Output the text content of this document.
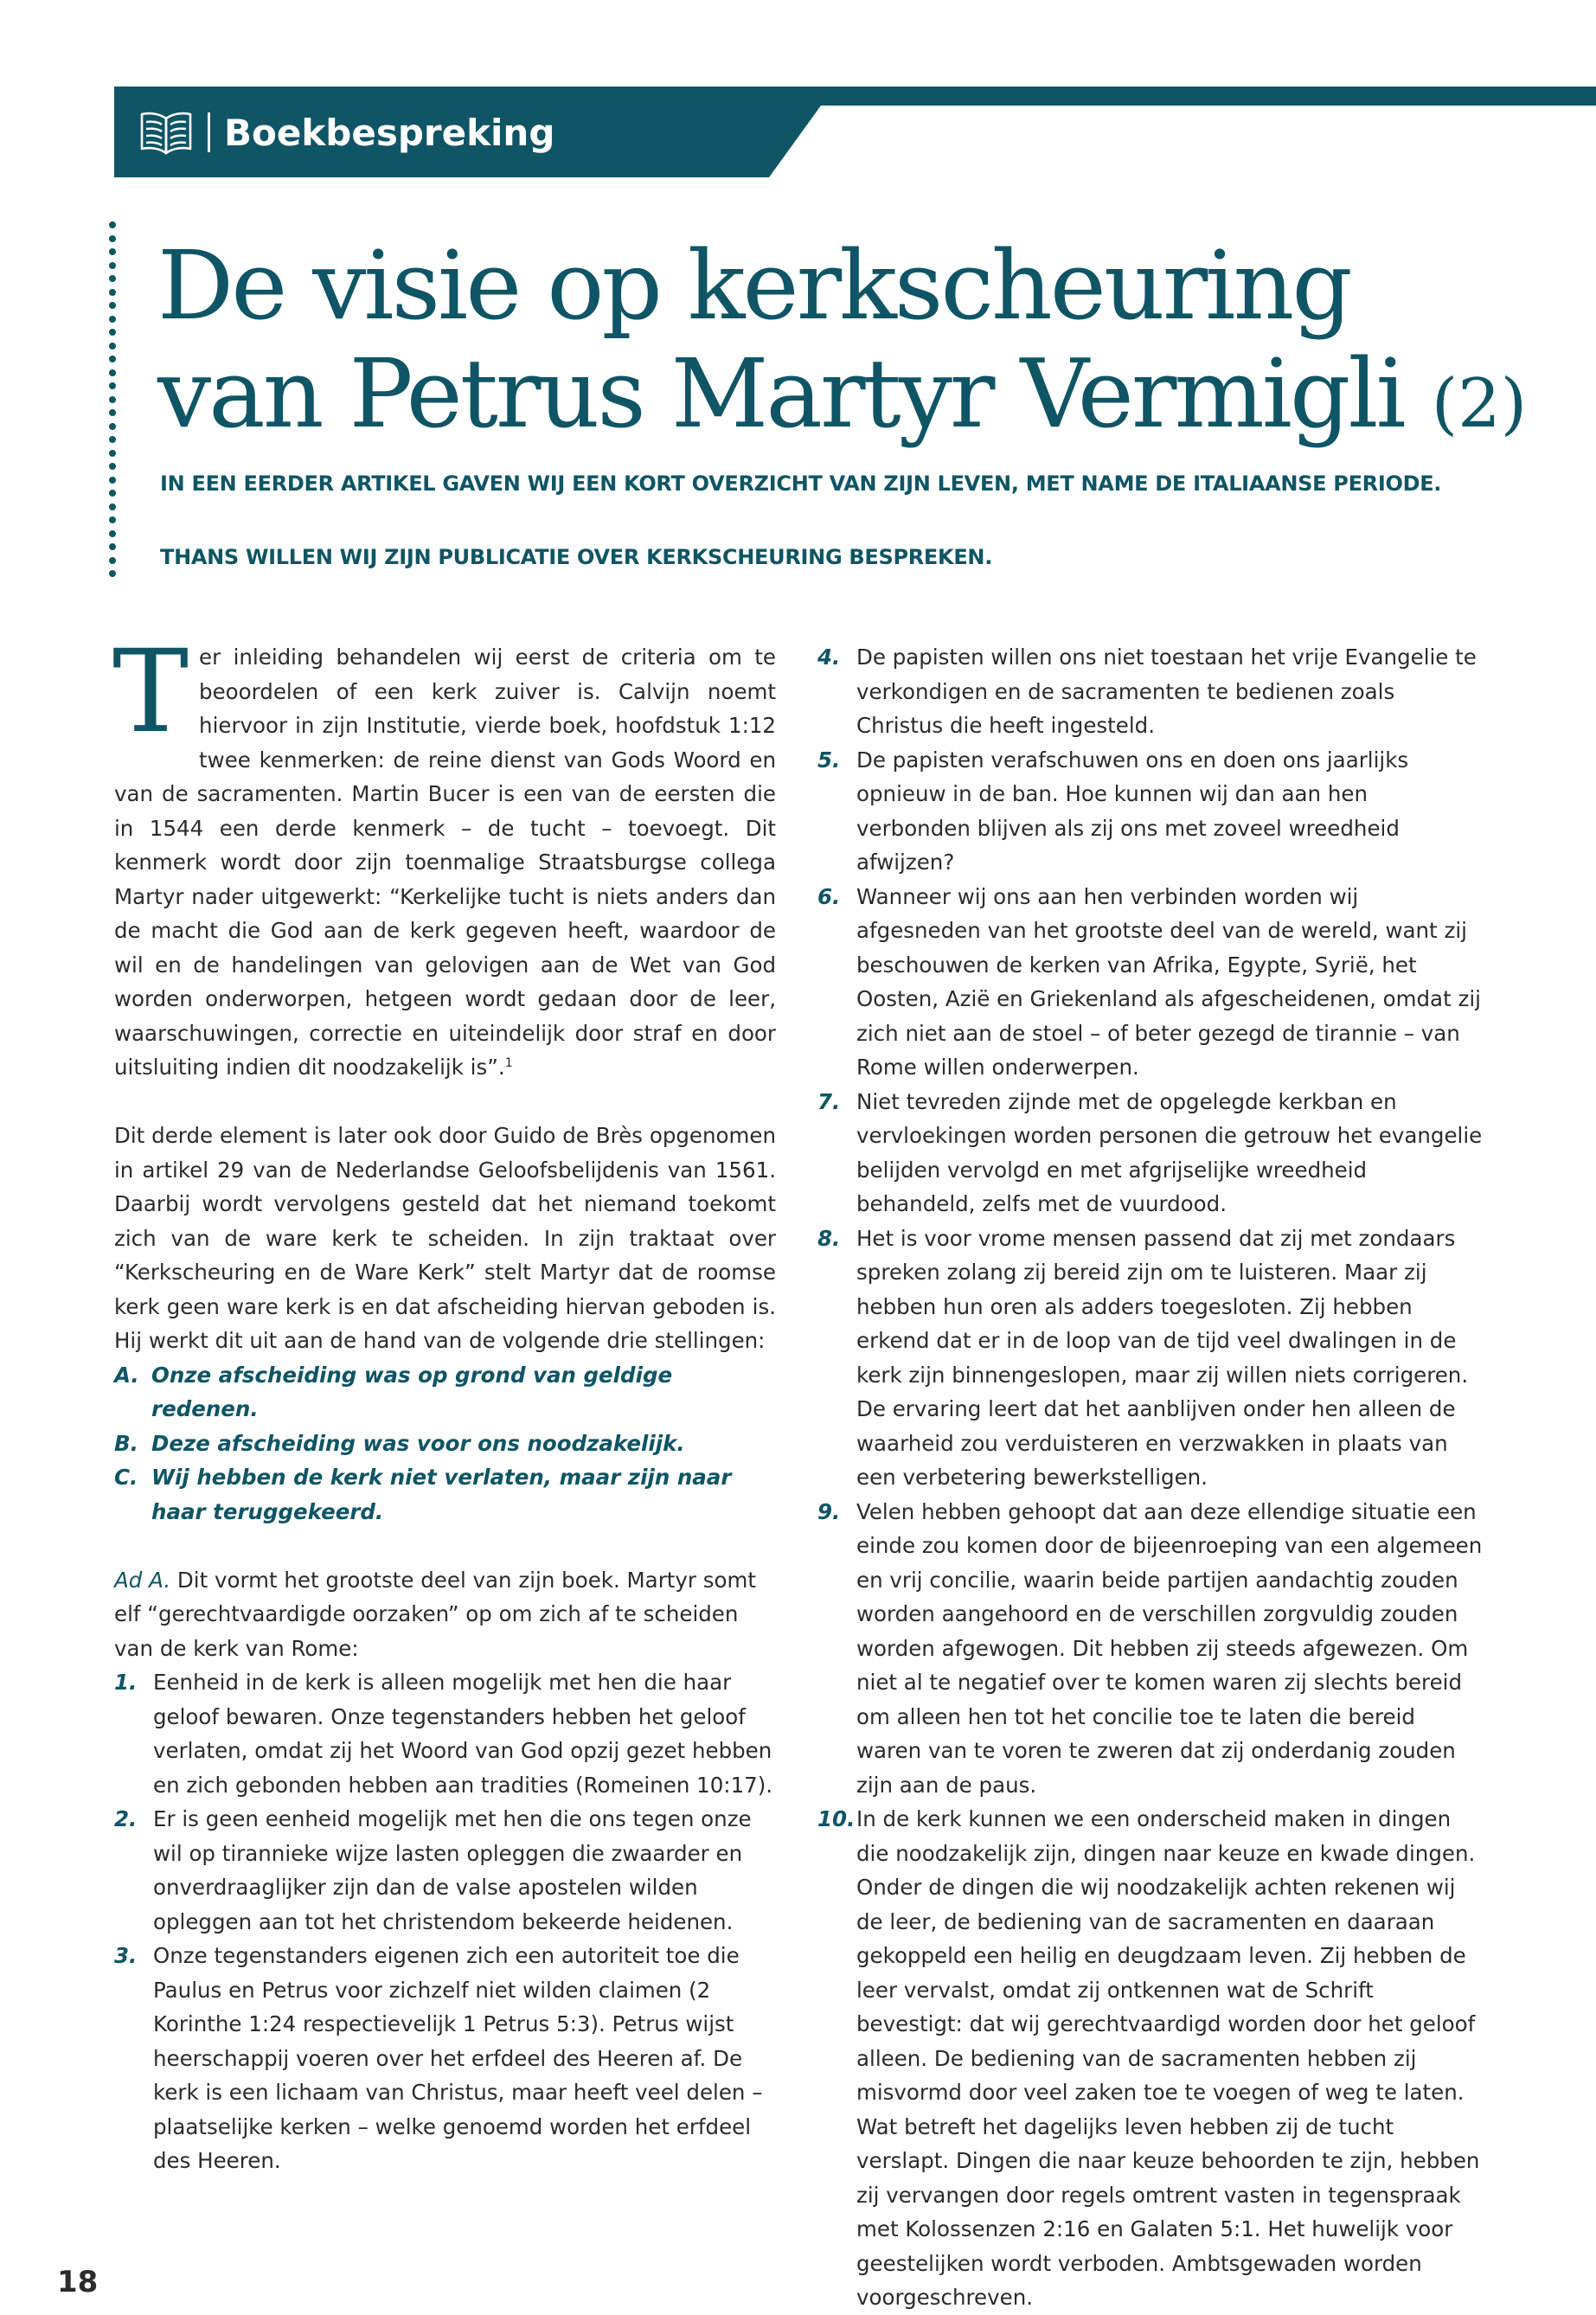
Boekbespreking
De visie op kerkscheuring
van Petrus Martyr Vermigli (2)
IN EEN EERDER ARTIKEL GAVEN WIJ EEN KORT OVERZICHT VAN ZIJN LEVEN, MET NAME DE ITALIAANSE PERIODE.
THANS WILLEN WIJ ZIJN PUBLICATIE OVER KERKSCHEURING BESPREKEN.

Ter inleiding behandelen wij eerst de criteria om te beoordelen of een kerk zuiver is. Calvijn noemt hiervoor in zijn Institutie, vierde boek, hoofdstuk 1:12 twee kenmerken: de reine dienst van Gods Woord en van de sacramenten. Martin Bucer is een van de eersten die in 1544 een derde kenmerk – de tucht – toevoegt. Dit kenmerk wordt door zijn toenmalige Straatsburgse collega Martyr nader uitgewerkt: “Kerkelijke tucht is niets anders dan de macht die God aan de kerk gegeven heeft, waardoor de wil en de handelingen van gelovigen aan de Wet van God worden onderworpen, hetgeen wordt gedaan door de leer, waarschuwingen, correctie en uiteindelijk door straf en door uitsluiting indien dit noodzakelijk is”.$^1$

Dit derde element is later ook door Guido de Brès opgenomen in artikel 29 van de Nederlandse Geloofsbelijdenis van 1561. Daarbij wordt vervolgens gesteld dat het niemand toekomt zich van de ware kerk te scheiden. In zijn traktaat over “Kerkscheuring en de Ware Kerk” stelt Martyr dat de roomse kerk geen ware kerk is en dat afscheiding hiervan geboden is. Hij werkt dit uit aan de hand van de volgende drie stellingen:

A. Onze afscheiding was op grond van geldige redenen.
B. Deze afscheiding was voor ons noodzakelijk.
C. Wij hebben de kerk niet verlaten, maar zijn naar haar teruggekeerd.

Ad A. Dit vormt het grootste deel van zijn boek. Martyr somt elf “gerechtvaardigde oorzaken” op om zich af te scheiden van de kerk van Rome:

1. Eenheid in de kerk is alleen mogelijk met hen die haar geloof bewaren. Onze tegenstanders hebben het geloof verlaten, omdat zij het Woord van God opzij gezet hebben en zich gebonden hebben aan tradities (Romeinen 10:17).
2. Er is geen eenheid mogelijk met hen die ons tegen onze wil op tirannieke wijze lasten opleggen die zwaarder en onverdraaglijker zijn dan de valse apostelen wilden opleggen aan tot het christendom bekeerde heidenen.
3. Onze tegenstanders eigenen zich een autoriteit toe die Paulus en Petrus voor zichzelf niet wilden claimen (2 Korinthe 1:24 respectievelijk 1 Petrus 5:3). Petrus wijst heerschappij voeren over het erfdeel des Heeren af. De kerk is een lichaam van Christus, maar heeft veel delen – plaatselijke kerken – welke genoemd worden het erfdeel des Heeren.
4. De papisten willen ons niet toestaan het vrije Evangelie te verkondigen en de sacramenten te bedienen zoals Christus die heeft ingesteld.
5. De papisten verafschuwen ons en doen ons jaarlijks opnieuw in de ban. Hoe kunnen wij dan aan hen verbonden blijven als zij ons met zoveel wreedheid afwijzen?
6. Wanneer wij ons aan hen verbinden worden wij afgesneden van het grootste deel van de wereld, want zij beschouwen de kerken van Afrika, Egypte, Syrië, het Oosten, Azië en Griekenland als afgescheidenen, omdat zij zich niet aan de stoel – of beter gezegd de tirannie – van Rome willen onderwerpen.
7. Niet tevreden zijnde met de opgelegde kerkban en vervloekingen worden personen die getrouw het evangelie belijden vervolgd en met afgrijselijke wreedheid behandeld, zelfs met de vuurdood.
8. Het is voor vrome mensen passend dat zij met zondaars spreken zolang zij bereid zijn om te luisteren. Maar zij hebben hun oren als adders toegesloten. Zij hebben erkend dat er in de loop van de tijd veel dwalingen in de kerk zijn binnengeslopen, maar zij willen niets corrigeren. De ervaring leert dat het aanblijven onder hen alleen de waarheid zou verduisteren en verzwakken in plaats van een verbetering bewerkstelligen.
9. Velen hebben gehoopt dat aan deze ellendige situatie een einde zou komen door de bijeenroeping van een algemeen en vrij concilie, waarin beide partijen aandachtig zouden worden aangehoord en de verschillen zorgvuldig zouden worden afgewogen. Dit hebben zij steeds afgewezen. Om niet al te negatief over te komen waren zij slechts bereid om alleen hen tot het concilie toe te laten die bereid waren van te voren te zweren dat zij onderdanig zouden zijn aan de paus.
10. In de kerk kunnen we een onderscheid maken in dingen die noodzakelijk zijn, dingen naar keuze en kwade dingen. Onder de dingen die wij noodzakelijk achten rekenen wij de leer, de bediening van de sacramenten en daaraan gekoppeld een heilig en deugdzaam leven. Zij hebben de leer vervalst, omdat zij ontkennen wat de Schrift bevestigt: dat wij gerechtvaardigd worden door het geloof alleen. De bediening van de sacramenten hebben zij misvormd door veel zaken toe te voegen of weg te laten. Wat betreft het dagelijks leven hebben zij de tucht verslapt. Dingen die naar keuze behoorden te zijn, hebben zij vervangen door regels omtrent vasten in tegenspraak met Kolossenzen 2:16 en Galaten 5:1. Het huwelijk voor geestelijken wordt verboden. Ambtsgewaden worden voorgeschreven.
18
